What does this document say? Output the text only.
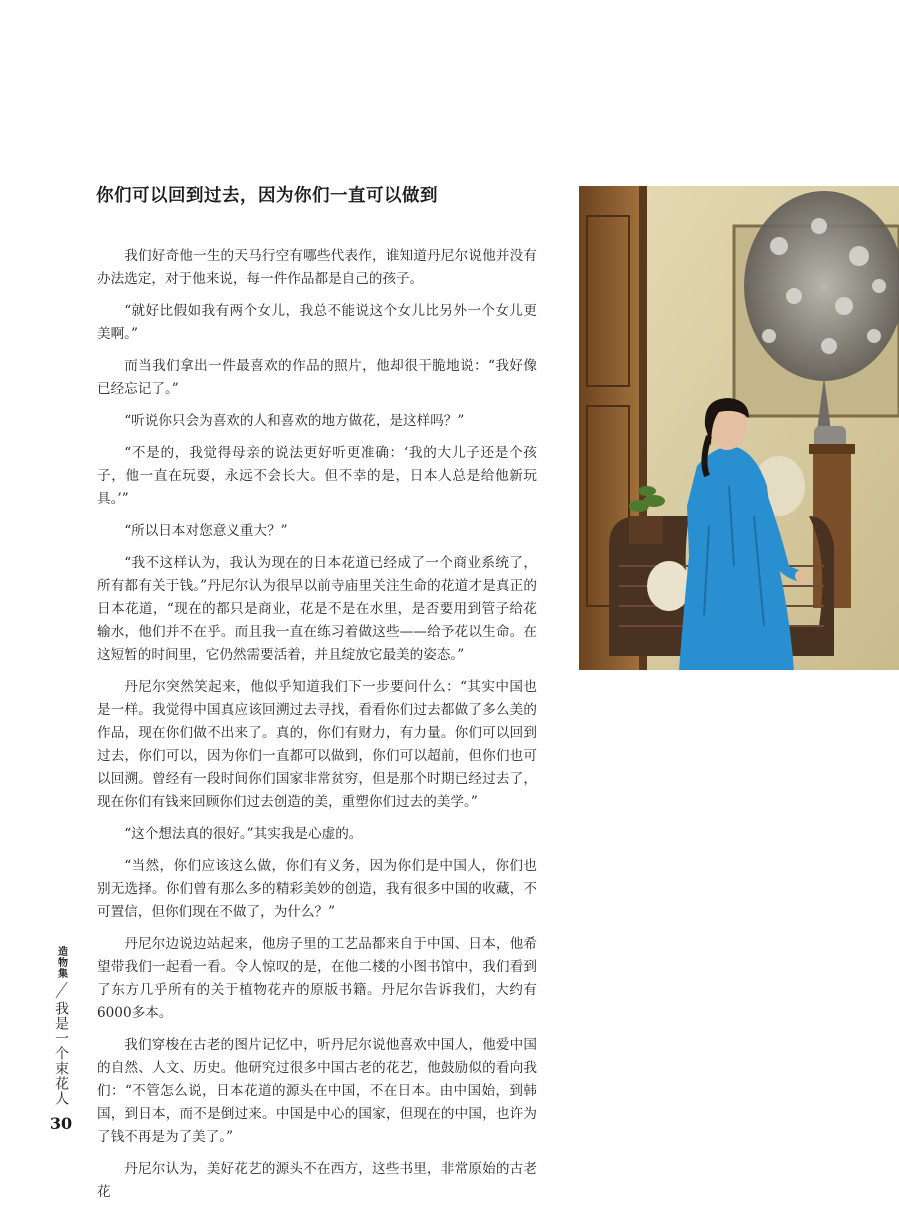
你们可以回到过去，因为你们一直可以做到

我们好奇他一生的天马行空有哪些代表作，谁知道丹尼尔说他并没有办法选定，对于他来说，每一件作品都是自己的孩子。

“就好比假如我有两个女儿，我总不能说这个女儿比另外一个女儿更美啊。”

而当我们拿出一件最喜欢的作品的照片，他却很干脆地说：“我好像已经忘记了。”

“听说你只会为喜欢的人和喜欢的地方做花，是这样吗？”

“不是的，我觉得母亲的说法更好听更准确：‘我的大儿子还是个孩子，他一直在玩耍，永远不会长大。但不幸的是，日本人总是给他新玩具。’”

“所以日本对您意义重大？”

“我不这样认为，我认为现在的日本花道已经成了一个商业系统了，所有都有关于钱。”丹尼尔认为很早以前寺庙里关注生命的花道才是真正的日本花道，“现在的都只是商业，花是不是在水里，是否要用到管子给花输水，他们并不在乎。而且我一直在练习着做这些——给予花以生命。在这短暂的时间里，它仍然需要活着，并且绽放它最美的姿态。”

丹尼尔突然笑起来，他似乎知道我们下一步要问什么：“其实中国也是一样。我觉得中国真应该回溯过去寻找，看看你们过去都做了多么美的作品，现在你们做不出来了。真的，你们有财力，有力量。你们可以回到过去，你们可以，因为你们一直都可以做到，你们可以超前，但你们也可以回溯。曾经有一段时间你们国家非常贫穷，但是那个时期已经过去了，现在你们有钱来回顾你们过去创造的美，重塑你们过去的美学。”

“这个想法真的很好。”其实我是心虚的。

“当然，你们应该这么做，你们有义务，因为你们是中国人，你们也别无选择。你们曾有那么多的精彩美妙的创造，我有很多中国的收藏，不可置信，但你们现在不做了，为什么？”

丹尼尔边说边站起来，他房子里的工艺品都来自于中国、日本，他希望带我们一起看一看。令人惊叹的是，在他二楼的小图书馆中，我们看到了东方几乎所有的关于植物花卉的原版书籍。丹尼尔告诉我们，大约有6000多本。

我们穿梭在古老的图片记忆中，听丹尼尔说他喜欢中国人，他爱中国的自然、人文、历史。他研究过很多中国古老的花艺，他鼓励似的看向我们：“不管怎么说，日本花道的源头在中国，不在日本。由中国始，到韩国，到日本，而不是倒过来。中国是中心的国家，但现在的中国，也许为了钱不再是为了美了。”

丹尼尔认为，美好花艺的源头不在西方，这些书里，非常原始的古老花

造物集
我是一个束花人
30
